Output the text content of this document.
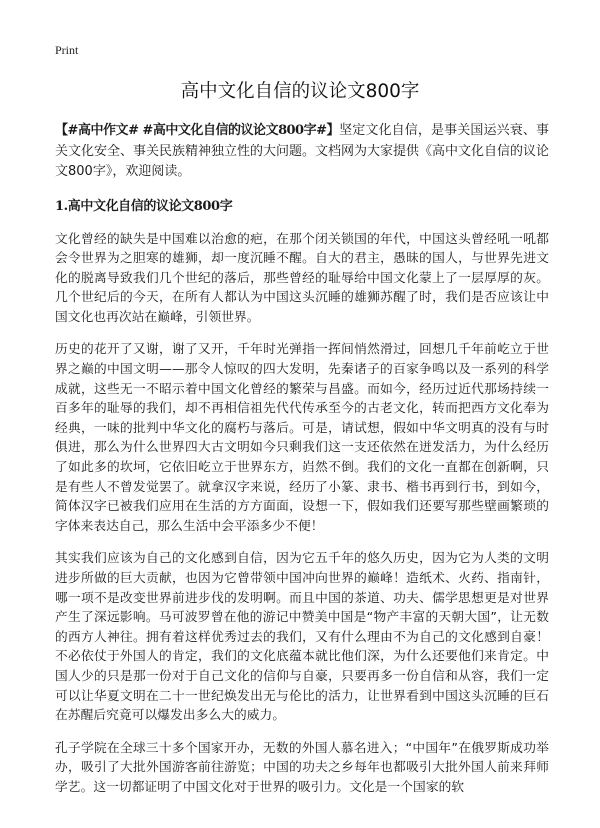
Print
高中文化自信的议论文800字

【#高中作文# #高中文化自信的议论文800字#】坚定文化自信，是事关国运兴衰、事关文化安全、事关民族精神独立性的大问题。文档网为大家提供《高中文化自信的议论文800字》，欢迎阅读。

1.高中文化自信的议论文800字

文化曾经的缺失是中国难以治愈的疤，在那个闭关锁国的年代，中国这头曾经吼一吼都会令世界为之胆寒的雄狮，却一度沉睡不醒。自大的君主，愚昧的国人，与世界先进文化的脱离导致我们几个世纪的落后，那些曾经的耻辱给中国文化蒙上了一层厚厚的灰。几个世纪后的今天，在所有人都认为中国这头沉睡的雄狮苏醒了时，我们是否应该让中国文化也再次站在巅峰，引领世界。

历史的花开了又谢，谢了又开，千年时光弹指一挥间悄然滑过，回想几千年前屹立于世界之巅的中国文明——那令人惊叹的四大发明，先秦诸子的百家争鸣以及一系列的科学成就，这些无一不昭示着中国文化曾经的繁荣与昌盛。而如今，经历过近代那场持续一百多年的耻辱的我们，却不再相信祖先代代传承至今的古老文化，转而把西方文化奉为经典，一味的批判中华文化的腐朽与落后。可是，请试想，假如中华文明真的没有与时俱进，那么为什么世界四大古文明如今只剩我们这一支还依然在迸发活力，为什么经历了如此多的坎坷，它依旧屹立于世界东方，岿然不倒。我们的文化一直都在创新啊，只是有些人不曾发觉罢了。就拿汉字来说，经历了小篆、隶书、楷书再到行书，到如今，简体汉字已被我们应用在生活的方方面面，设想一下，假如我们还要写那些壁画繁琐的字体来表达自己，那么生活中会平添多少不便！

其实我们应该为自己的文化感到自信，因为它五千年的悠久历史，因为它为人类的文明进步所做的巨大贡献，也因为它曾带领中国冲向世界的巅峰！造纸术、火药、指南针，哪一项不是改变世界前进步伐的发明啊。而且中国的茶道、功夫、儒学思想更是对世界产生了深远影响。马可波罗曾在他的游记中赞美中国是“物产丰富的天朝大国”，让无数的西方人神往。拥有着这样优秀过去的我们，又有什么理由不为自己的文化感到自豪！不必依仗于外国人的肯定，我们的文化底蕴本就比他们深，为什么还要他们来肯定。中国人少的只是那一份对于自己文化的信仰与自豪，只要再多一份自信和从容，我们一定可以让华夏文明在二十一世纪焕发出无与伦比的活力，让世界看到中国这头沉睡的巨石在苏醒后究竟可以爆发出多么大的威力。

孔子学院在全球三十多个国家开办，无数的外国人慕名进入；“中国年”在俄罗斯成功举办，吸引了大批外国游客前往游览；中国的功夫之乡每年也都吸引大批外国人前来拜师学艺。这一切都证明了中国文化对于世界的吸引力。文化是一个国家的软
